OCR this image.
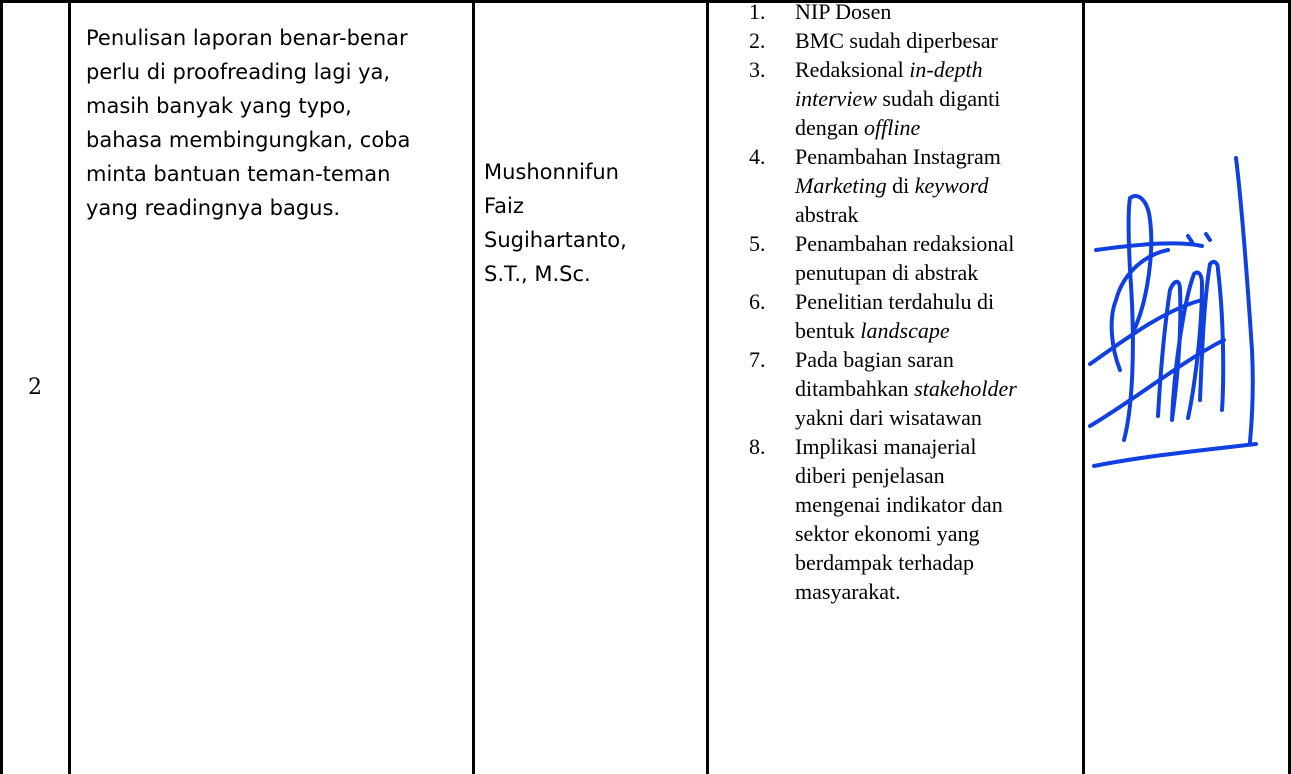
2
Penulisan laporan benar-benar
perlu di proofreading lagi ya,
masih banyak yang typo,
bahasa membingungkan, coba
minta bantuan teman-teman
yang readingnya bagus.
Mushonnifun
Faiz
Sugihartanto,
S.T., M.Sc.
1. NIP Dosen
2. BMC sudah diperbesar
3. Redaksional in-depth
interview sudah diganti
dengan offline
4. Penambahan Instagram
Marketing di keyword
abstrak
5. Penambahan redaksional
penutupan di abstrak
6. Penelitian terdahulu di
bentuk landscape
7. Pada bagian saran
ditambahkan stakeholder
yakni dari wisatawan
8. Implikasi manajerial
diberi penjelasan
mengenai indikator dan
sektor ekonomi yang
berdampak terhadap
masyarakat.
